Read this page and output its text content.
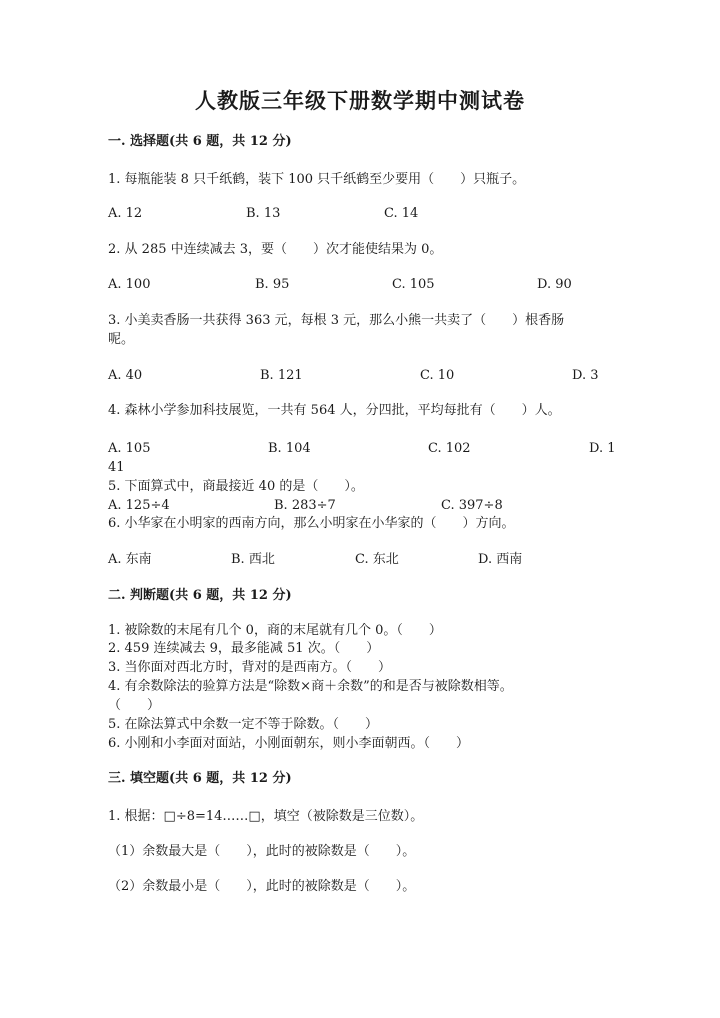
人教版三年级下册数学期中测试卷
一. 选择题(共 6 题，共 12 分)
1. 每瓶能装 8 只千纸鹤，装下 100 只千纸鹤至少要用（　　）只瓶子。
A. 12	B. 13	C. 14
2. 从 285 中连续减去 3，要（　　）次才能使结果为 0。
A. 100	B. 95	C. 105	D. 90
3. 小美卖香肠一共获得 363 元，每根 3 元，那么小熊一共卖了（　　）根香肠
呢。
A. 40	B. 121	C. 10	D. 3
4. 森林小学参加科技展览，一共有 564 人，分四批，平均每批有（　　）人。
A. 105	B. 104	C. 102	D. 1
41
5. 下面算式中，商最接近 40 的是（　　）。
A. 125÷4	B. 283÷7	C. 397÷8
6. 小华家在小明家的西南方向，那么小明家在小华家的（　　）方向。
A. 东南	B. 西北	C. 东北	D. 西南
二. 判断题(共 6 题，共 12 分)
1. 被除数的末尾有几个 0，商的末尾就有几个 0。（　　）
2. 459 连续减去 9，最多能减 51 次。（　　）
3. 当你面对西北方时，背对的是西南方。（　　）
4. 有余数除法的验算方法是“除数×商＋余数”的和是否与被除数相等。
（　　）
5. 在除法算式中余数一定不等于除数。（　　）
6. 小刚和小李面对面站，小刚面朝东，则小李面朝西。（　　）
三. 填空题(共 6 题，共 12 分)
1. 根据：□÷8=14……□，填空（被除数是三位数）。
（1）余数最大是（　　），此时的被除数是（　　）。
（2）余数最小是（　　），此时的被除数是（　　）。
